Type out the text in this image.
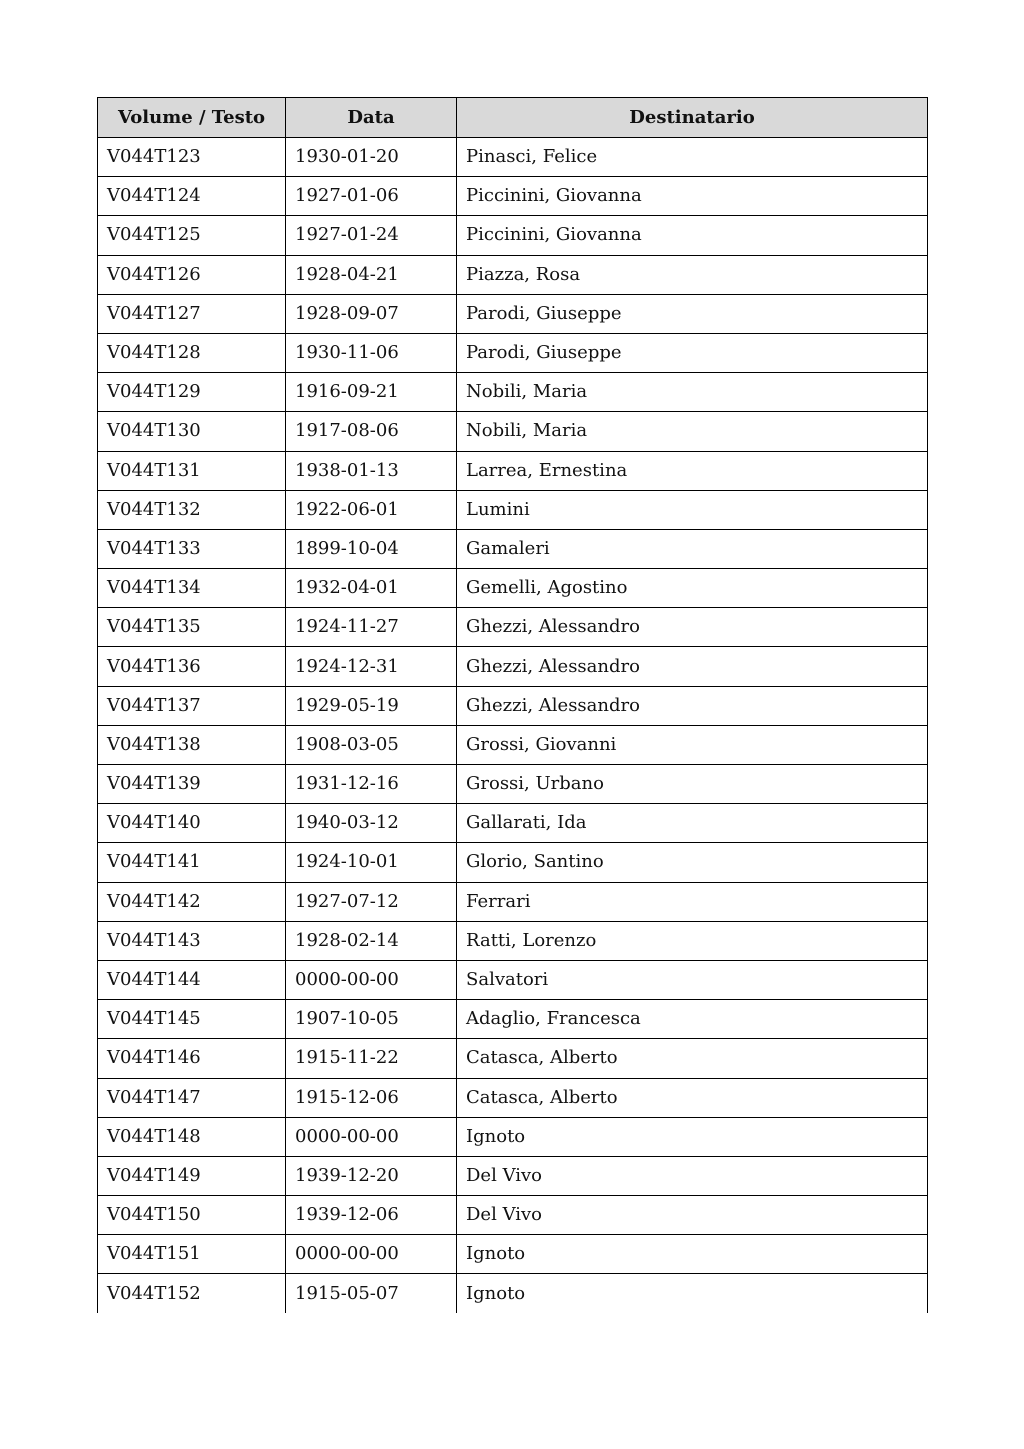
Volume / Testo	Data	Destinatario
V044T123	1930-01-20	Pinasci, Felice
V044T124	1927-01-06	Piccinini, Giovanna
V044T125	1927-01-24	Piccinini, Giovanna
V044T126	1928-04-21	Piazza, Rosa
V044T127	1928-09-07	Parodi, Giuseppe
V044T128	1930-11-06	Parodi, Giuseppe
V044T129	1916-09-21	Nobili, Maria
V044T130	1917-08-06	Nobili, Maria
V044T131	1938-01-13	Larrea, Ernestina
V044T132	1922-06-01	Lumini
V044T133	1899-10-04	Gamaleri
V044T134	1932-04-01	Gemelli, Agostino
V044T135	1924-11-27	Ghezzi, Alessandro
V044T136	1924-12-31	Ghezzi, Alessandro
V044T137	1929-05-19	Ghezzi, Alessandro
V044T138	1908-03-05	Grossi, Giovanni
V044T139	1931-12-16	Grossi, Urbano
V044T140	1940-03-12	Gallarati, Ida
V044T141	1924-10-01	Glorio, Santino
V044T142	1927-07-12	Ferrari
V044T143	1928-02-14	Ratti, Lorenzo
V044T144	0000-00-00	Salvatori
V044T145	1907-10-05	Adaglio, Francesca
V044T146	1915-11-22	Catasca, Alberto
V044T147	1915-12-06	Catasca, Alberto
V044T148	0000-00-00	Ignoto
V044T149	1939-12-20	Del Vivo
V044T150	1939-12-06	Del Vivo
V044T151	0000-00-00	Ignoto
V044T152	1915-05-07	Ignoto
